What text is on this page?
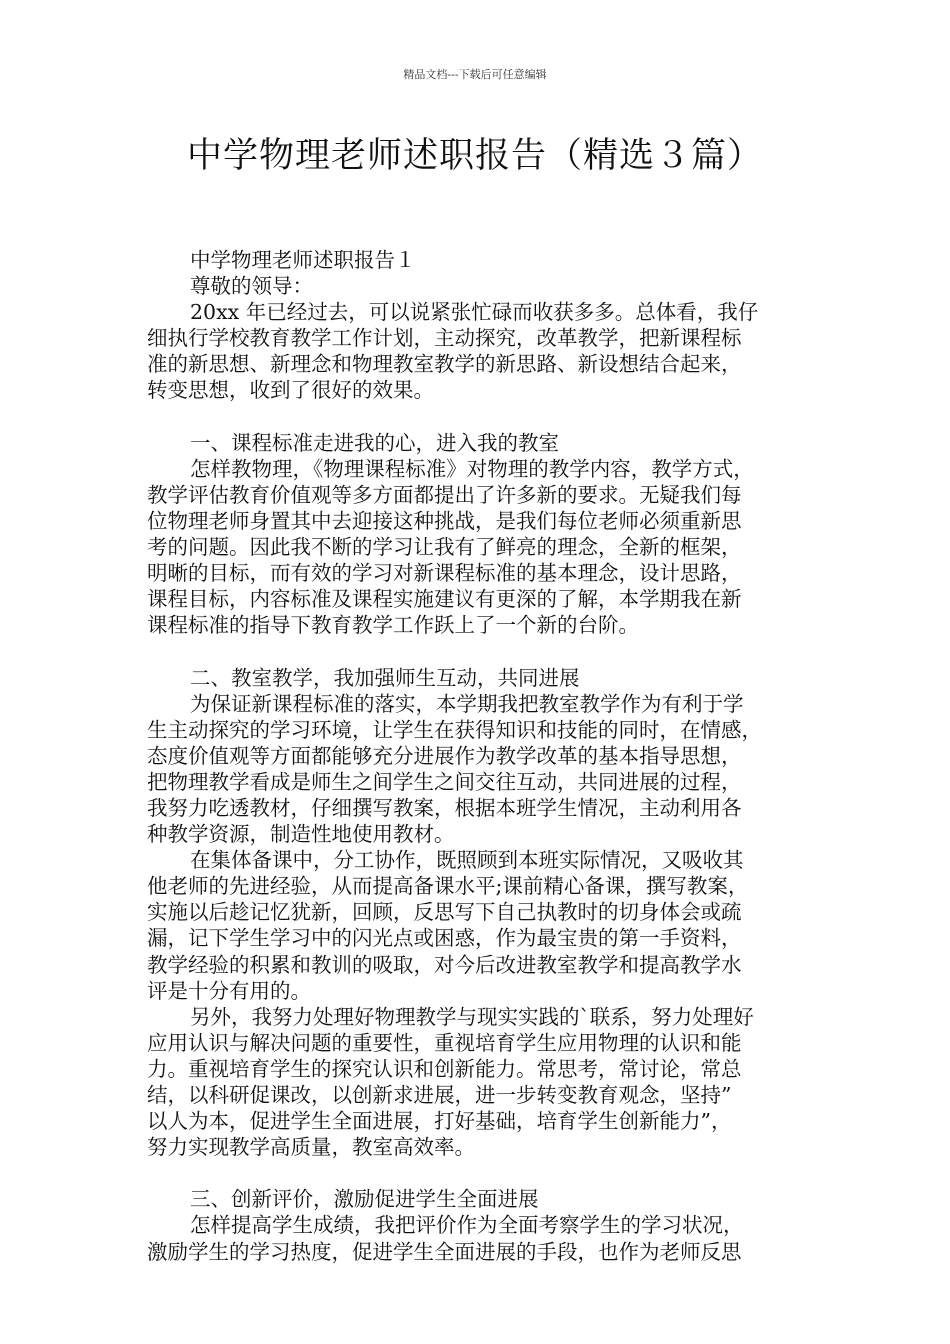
精品文档---下载后可任意编辑
中学物理老师述职报告（精选３篇）
中学物理老师述职报告１
尊敬的领导：
20xx 年已经过去，可以说紧张忙碌而收获多多。总体看，我仔
细执行学校教育教学工作计划，主动探究，改革教学，把新课程标
准的新思想、新理念和物理教室教学的新思路、新设想结合起来，
转变思想，收到了很好的效果。
一、课程标准走进我的心，进入我的教室
怎样教物理，《物理课程标准》对物理的教学内容，教学方式，
教学评估教育价值观等多方面都提出了许多新的要求。无疑我们每
位物理老师身置其中去迎接这种挑战，是我们每位老师必须重新思
考的问题。因此我不断的学习让我有了鲜亮的理念，全新的框架，
明晰的目标，而有效的学习对新课程标准的基本理念，设计思路，
课程目标，内容标准及课程实施建议有更深的了解，本学期我在新
课程标准的指导下教育教学工作跃上了一个新的台阶。
二、教室教学，我加强师生互动，共同进展
为保证新课程标准的落实，本学期我把教室教学作为有利于学
生主动探究的学习环境，让学生在获得知识和技能的同时，在情感，
态度价值观等方面都能够充分进展作为教学改革的基本指导思想，
把物理教学看成是师生之间学生之间交往互动，共同进展的过程，
我努力吃透教材，仔细撰写教案，根据本班学生情况，主动利用各
种教学资源，制造性地使用教材。
在集体备课中，分工协作，既照顾到本班实际情况，又吸收其
他老师的先进经验，从而提高备课水平;课前精心备课，撰写教案，
实施以后趁记忆犹新，回顾，反思写下自己执教时的切身体会或疏
漏，记下学生学习中的闪光点或困惑，作为最宝贵的第一手资料，
教学经验的积累和教训的吸取，对今后改进教室教学和提高教学水
评是十分有用的。
另外，我努力处理好物理教学与现实实践的`联系，努力处理好
应用认识与解决问题的重要性，重视培育学生应用物理的认识和能
力。重视培育学生的探究认识和创新能力。常思考，常讨论，常总
结，以科研促课改，以创新求进展，进一步转变教育观念，坚持”
以人为本，促进学生全面进展，打好基础，培育学生创新能力”，
努力实现教学高质量，教室高效率。
三、创新评价，激励促进学生全面进展
怎样提高学生成绩，我把评价作为全面考察学生的学习状况，
激励学生的学习热度，促进学生全面进展的手段，也作为老师反思
